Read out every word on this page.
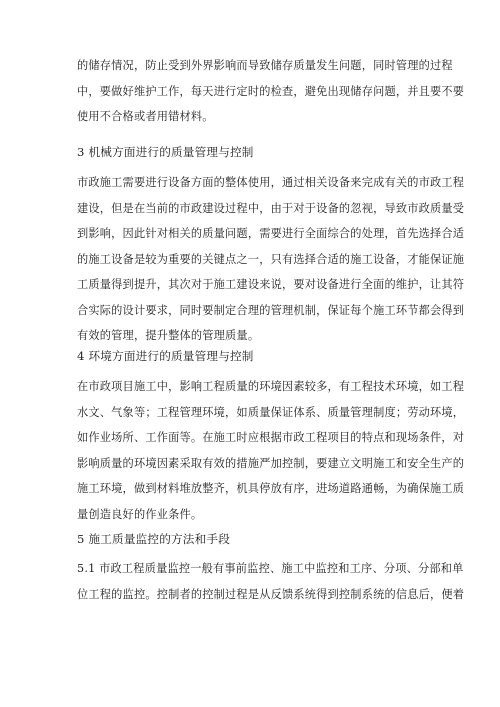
的储存情况，防止受到外界影响而导致储存质量发生问题，同时管理的过程
中，要做好维护工作，每天进行定时的检查，避免出现储存问题，并且要不要
使用不合格或者用错材料。
3 机械方面进行的质量管理与控制
市政施工需要进行设备方面的整体使用，通过相关设备来完成有关的市政工程
建设，但是在当前的市政建设过程中，由于对于设备的忽视，导致市政质量受
到影响，因此针对相关的质量问题，需要进行全面综合的处理，首先选择合适
的施工设备是较为重要的关键点之一，只有选择合适的施工设备，才能保证施
工质量得到提升，其次对于施工建设来说，要对设备进行全面的维护，让其符
合实际的设计要求，同时要制定合理的管理机制，保证每个施工环节都会得到
有效的管理，提升整体的管理质量。
4 环境方面进行的质量管理与控制
在市政项目施工中，影响工程质量的环境因素较多，有工程技术环境，如工程
水文、气象等；工程管理环境，如质量保证体系、质量管理制度；劳动环境，
如作业场所、工作面等。在施工时应根据市政工程项目的特点和现场条件，对
影响质量的环境因素采取有效的措施严加控制，要建立文明施工和安全生产的
施工环境，做到材料堆放整齐，机具停放有序，进场道路通畅，为确保施工质
量创造良好的作业条件。
5 施工质量监控的方法和手段
5.1 市政工程质量监控一般有事前监控、施工中监控和工序、分项、分部和单
位工程的监控。控制者的控制过程是从反馈系统得到控制系统的信息后，便着
